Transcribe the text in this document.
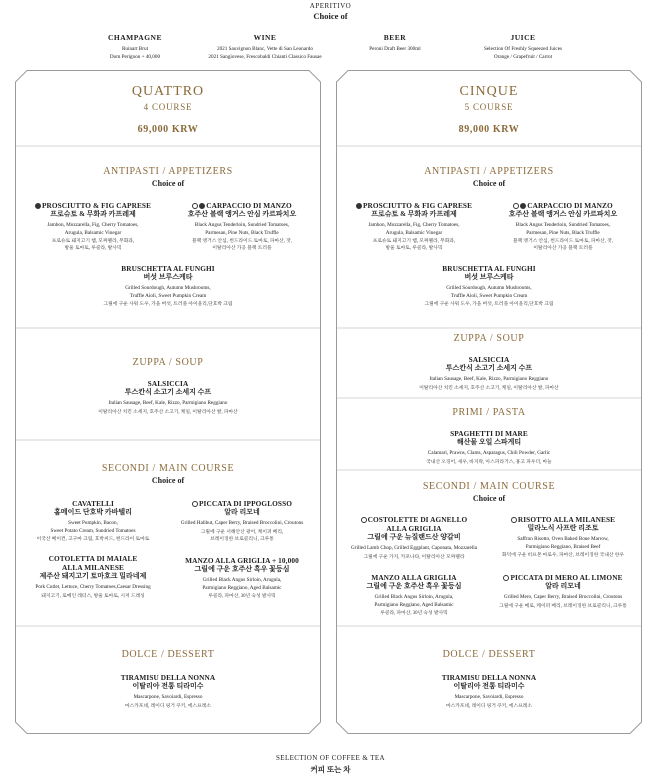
APERITIVO
Choice of
CHAMPAGNE
Ruinart Brut
Dom Perignon + 40,000
WINE
2021 Sauvignon Blanc, Vette di San Leonardo
2021 Sangiovese, Frescobaldi Chianti Classico Fausae
BEER
Peroni Draft Beer 300ml
JUICE
Selection Of Freshly Squeezed Juices
Orange / Grapefruit / Carrot
QUATTRO
4 COURSE
69,000 KRW
ANTIPASTI / APPETIZERS
Choice of
PROSCIUTTO & FIG CAPRESE
프로슈토 & 무화과 카프레제
Jambon, Mozzarella, Fig, Cherry Tomatoes,
Arugula, Balsamic Vinegar
프로슈토 돼지고기 햄, 모짜렐라, 무화과,
방울 토마토, 루콜라, 발사믹
CARPACCIO DI MANZO
호주산 블랙 앵거스 안심 카르파치오
Black Angus Tenderloin, Sundried Tomatoes,
Parmesan, Pine Nuts, Black Truffle
블랙 앵거스 안심, 썬드라이드 토마토, 파마산, 잣,
이탈리아산 가공 블랙 트러플
BRUSCHETTA AL FUNGHI
버섯 브루스케타
Grilled Sourdough, Autumn Mushrooms,
Truffle Aioli, Sweet Pumpkin Cream
그릴에 구운 사워 도우, 가을 버섯, 트러플 아이올리,단호박 크림
ZUPPA / SOUP
SALSICCIA
투스칸식 소고기 소세지 수프
Italian Sausage, Beef, Kale, Rizzo, Parmigiano Reggiano
이탈리아산 치킨 소세지, 호주산 소고기, 케일, 이탈리아산 쌀, 파마산
SECONDI / MAIN COURSE
Choice of
CAVATELLI
홈메이드 단호박 카바텔리
Sweet Pumpkin, Bacon,
Sweet Potato Cream, Sundried Tomatoes
이국산 베이컨, 고구마 크림, 호박씨드, 썬드라이 토마토
PICCATA DI IPPOGLOSSO
알라 리모네
Grilled Halibut, Caper Berry, Braised Broccolini, Croutons
그릴에 구운 서해안산 광어, 케이퍼 베리,
브레이징한 브로콜리니, 크루통
COTOLETTA DI MAIALE
ALLA MILANESE
제주산 돼지고기 토마호크 밀라네제
Pork Cutlet, Lettuce, Cherry Tomatoes,Caesar Dressing
돼지고기, 로메인 레터스, 방울 토마토, 시저 드레싱
MANZO ALLA GRIGLIA + 10,000
그릴에 구운 호주산 흑우 꽃등심
Grilled Black Angus Sirloin, Arugula,
Parmigiano Reggiano, Aged Balsamic
루콜라, 파마산, 30년 숙성 발사믹
DOLCE / DESSERT
TIRAMISU DELLA NONNA
이탈리아 전통 티라미수
Mascarpone, Savoiardi, Espresso
마스카포네, 레이디 핑거 쿠키, 에스프레소
CINQUE
5 COURSE
89,000 KRW
ANTIPASTI / APPETIZERS
Choice of
PROSCIUTTO & FIG CAPRESE
프로슈토 & 무화과 카프레제
Jambon, Mozzarella, Fig, Cherry Tomatoes,
Arugula, Balsamic Vinegar
프로슈토 돼지고기 햄, 모짜렐라, 무화과,
방울 토마토, 루콜라, 발사믹
CARPACCIO DI MANZO
호주산 블랙 앵거스 안심 카르파치오
Black Angus Tenderloin, Sundried Tomatoes,
Parmesan, Pine Nuts, Black Truffle
블랙 앵거스 안심, 썬드라이드 토마토, 파마산, 잣,
이탈리아산 가공 블랙 트러플
BRUSCHETTA AL FUNGHI
버섯 브루스케타
Grilled Sourdough, Autumn Mushrooms,
Truffle Aioli, Sweet Pumpkin Cream
그릴에 구운 사워 도우, 가을 버섯, 트러플 아이올리,단호박 크림
ZUPPA / SOUP
SALSICCIA
투스칸식 소고기 소세지 수프
Italian Sausage, Beef, Kale, Rizzo, Parmigiano Reggiano
이탈리아산 치킨 소세지, 호주산 소고기, 케일, 이탈리아산 쌀, 파마산
PRIMI / PASTA
SPAGHETTI DI MARE
해산물 오일 스파게티
Calamari, Prawns, Clams, Asparagus, Chili Powder, Garlic
국내산 오징어, 새우, 바지락, 아스파라거스, 홍고 파우더, 마늘
SECONDI / MAIN COURSE
Choice of
COSTOLETTE DI AGNELLO
ALLA GRIGLIA
그릴에 구운 뉴질랜드산 양갈비
Grilled Lamb Chop, Grilled Eggplant, Caponata, Mozzarella
그릴에 구운 가지, 카포나타, 이탈리아산 모짜렐라
RISOTTO ALLA MILANESE
밀라노식 사프란 리조토
Saffron Risotto, Oven Baked Bone Marrow,
Parmigiano Reggiano, Braised Beef
화덕에 구운 비프본 마로우, 파마산, 브레이징한 국내산 한우
MANZO ALLA GRIGLIA
그릴에 구운 호주산 흑우 꽃등심
Grilled Black Angus Sirloin, Arugula,
Parmigiano Reggiano, Aged Balsamic
루콜라, 파마산, 30년 숙성 발사믹
PICCATA DI MERO AL LIMONE
알라 리모네
Grilled Mero, Caper Berry, Braised Broccolini, Croutons
그릴에 구운 메로, 케이퍼 베리, 브레이징한 브로콜리니, 크루통
DOLCE / DESSERT
TIRAMISU DELLA NONNA
이탈리아 전통 티라미수
Mascarpone, Savoiardi, Espresso
마스카포네, 레이디 핑거 쿠키, 에스프레소
SELECTION OF COFFEE & TEA
커피 또는 차
